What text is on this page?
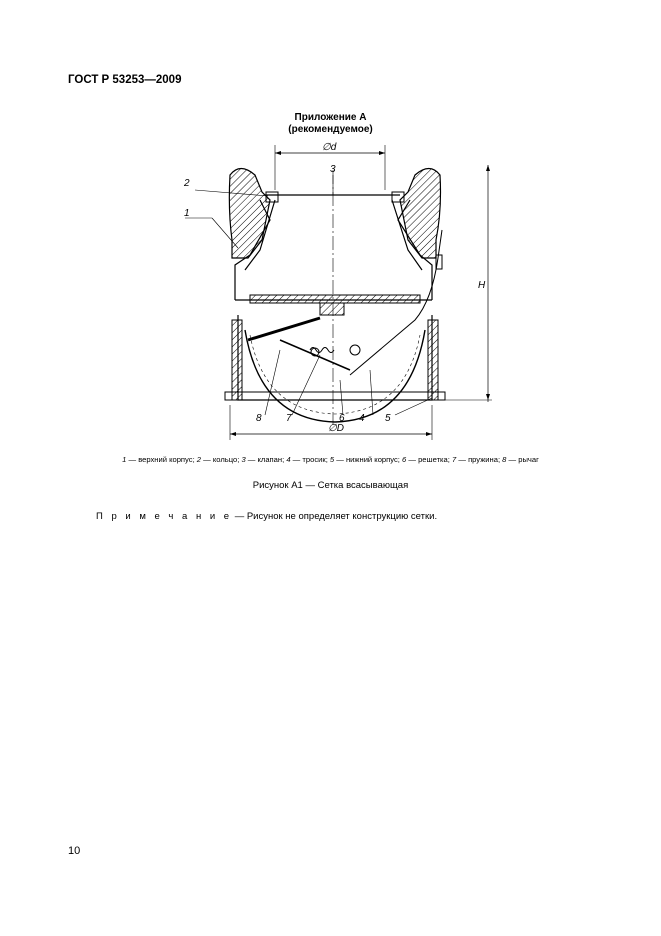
ГОСТ Р 53253—2009
Приложение А
(рекомендуемое)
∅d
H
∅D
2
1
3
8 7	6 4 5
1 — верхний корпус; 2 — кольцо; 3 — клапан; 4 — тросик; 5 — нижний корпус; 6 — решетка; 7 — пружина; 8 — рычаг
Рисунок А1 — Сетка всасывающая
П р и м е ч а н и е — Рисунок не определяет конструкцию сетки.
10
